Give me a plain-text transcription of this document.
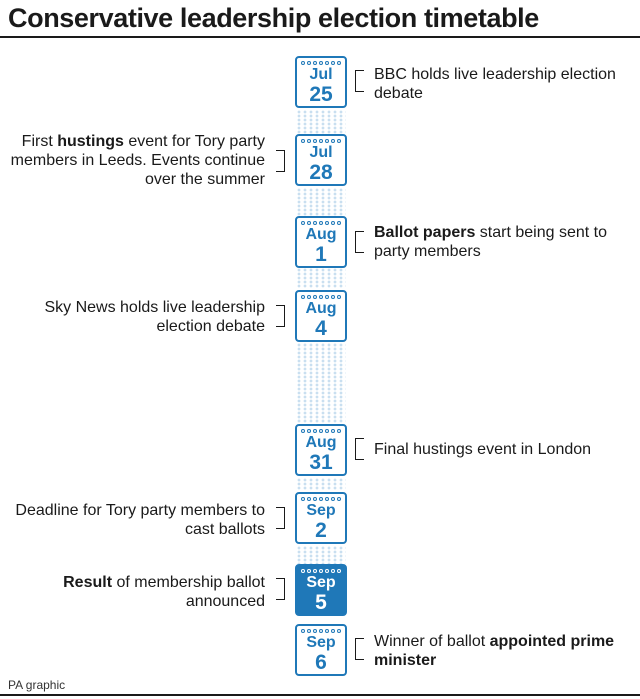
Conservative leadership election timetable
Jul
25
BBC holds live leadership election debate
Jul
28
First hustings event for Tory party members in Leeds. Events continue over the summer
Aug
1
Ballot papers start being sent to party members
Aug
4
Sky News holds live leadership election debate
Aug
31
Final hustings event in London
Sep
2
Deadline for Tory party members to cast ballots
Sep
5
Result of membership ballot announced
Sep
6
Winner of ballot appointed prime minister
PA graphic
